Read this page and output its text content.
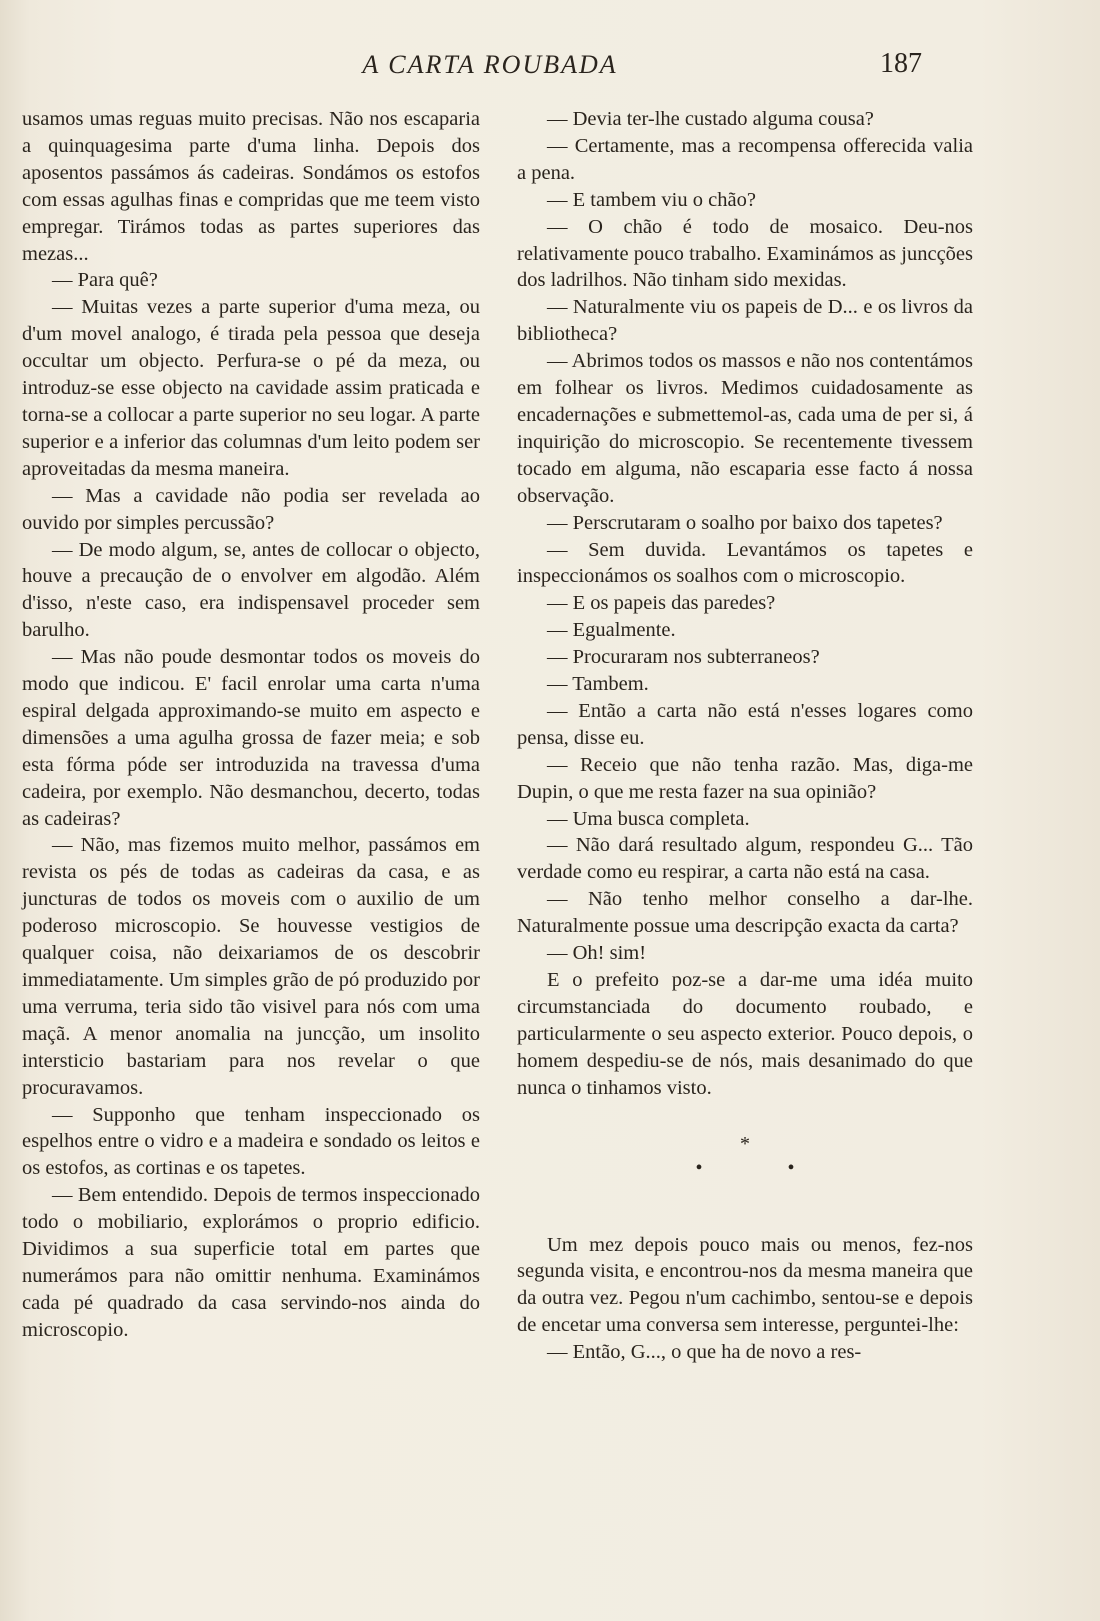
A CARTA ROUBADA	187

usamos umas reguas muito precisas. Não nos escaparia a quinquagesima parte d'uma linha. Depois dos aposentos passámos ás cadeiras. Sondámos os estofos com essas agulhas finas e compridas que me teem visto empregar. Tirámos todas as partes superiores das mezas...

— Para quê?

— Muitas vezes a parte superior d'uma meza, ou d'um movel analogo, é tirada pela pessoa que deseja occultar um objecto. Perfura-se o pé da meza, ou introduz-se esse objecto na cavidade assim praticada e torna-se a collocar a parte superior no seu logar. A parte superior e a inferior das columnas d'um leito podem ser aproveitadas da mesma maneira.

— Mas a cavidade não podia ser revelada ao ouvido por simples percussão?

— De modo algum, se, antes de collocar o objecto, houve a precaução de o envolver em algodão. Além d'isso, n'este caso, era indispensavel proceder sem barulho.

— Mas não poude desmontar todos os moveis do modo que indicou. E' facil enrolar uma carta n'uma espiral delgada approximando-se muito em aspecto e dimensões a uma agulha grossa de fazer meia; e sob esta fórma póde ser introduzida na travessa d'uma cadeira, por exemplo. Não desmanchou, decerto, todas as cadeiras?

— Não, mas fizemos muito melhor, passámos em revista os pés de todas as cadeiras da casa, e as juncturas de todos os moveis com o auxilio de um poderoso microscopio. Se houvesse vestigios de qualquer coisa, não deixariamos de os descobrir immediatamente. Um simples grão de pó produzido por uma verruma, teria sido tão visivel para nós com uma maçã. A menor anomalia na juncção, um insolito intersticio bastariam para nos revelar o que procuravamos.

— Supponho que tenham inspeccionado os espelhos entre o vidro e a madeira e sondado os leitos e os estofos, as cortinas e os tapetes.

— Bem entendido. Depois de termos inspeccionado todo o mobiliario, explorámos o proprio edificio. Dividimos a sua superficie total em partes que numerámos para não omittir nenhuma. Examinámos cada pé quadrado da casa servindo-nos ainda do microscopio.

— Devia ter-lhe custado alguma cousa?

— Certamente, mas a recompensa offerecida valia a pena.

— E tambem viu o chão?

— O chão é todo de mosaico. Deu-nos relativamente pouco trabalho. Examinámos as juncções dos ladrilhos. Não tinham sido mexidas.

— Naturalmente viu os papeis de D... e os livros da bibliotheca?

— Abrimos todos os massos e não nos contentámos em folhear os livros. Medimos cuidadosamente as encadernações e submettemol-as, cada uma de per si, á inquirição do microscopio. Se recentemente tivessem tocado em alguma, não escaparia esse facto á nossa observação.

— Perscrutaram o soalho por baixo dos tapetes?

— Sem duvida. Levantámos os tapetes e inspeccionámos os soalhos com o microscopio.

— E os papeis das paredes?

— Egualmente.

— Procuraram nos subterraneos?

— Tambem.

— Então a carta não está n'esses logares como pensa, disse eu.

— Receio que não tenha razão. Mas, diga-me Dupin, o que me resta fazer na sua opinião?

— Uma busca completa.

— Não dará resultado algum, respondeu G... Tão verdade como eu respirar, a carta não está na casa.

— Não tenho melhor conselho a dar-lhe. Naturalmente possue uma descripção exacta da carta?

— Oh! sim!

E o prefeito poz-se a dar-me uma idéa muito circumstanciada do documento roubado, e particularmente o seu aspecto exterior. Pouco depois, o homem despediu-se de nós, mais desanimado do que nunca o tinhamos visto.

*
• •

Um mez depois pouco mais ou menos, fez-nos segunda visita, e encontrou-nos da mesma maneira que da outra vez. Pegou n'um cachimbo, sentou-se e depois de encetar uma conversa sem interesse, perguntei-lhe:

— Então, G..., o que ha de novo a res-
